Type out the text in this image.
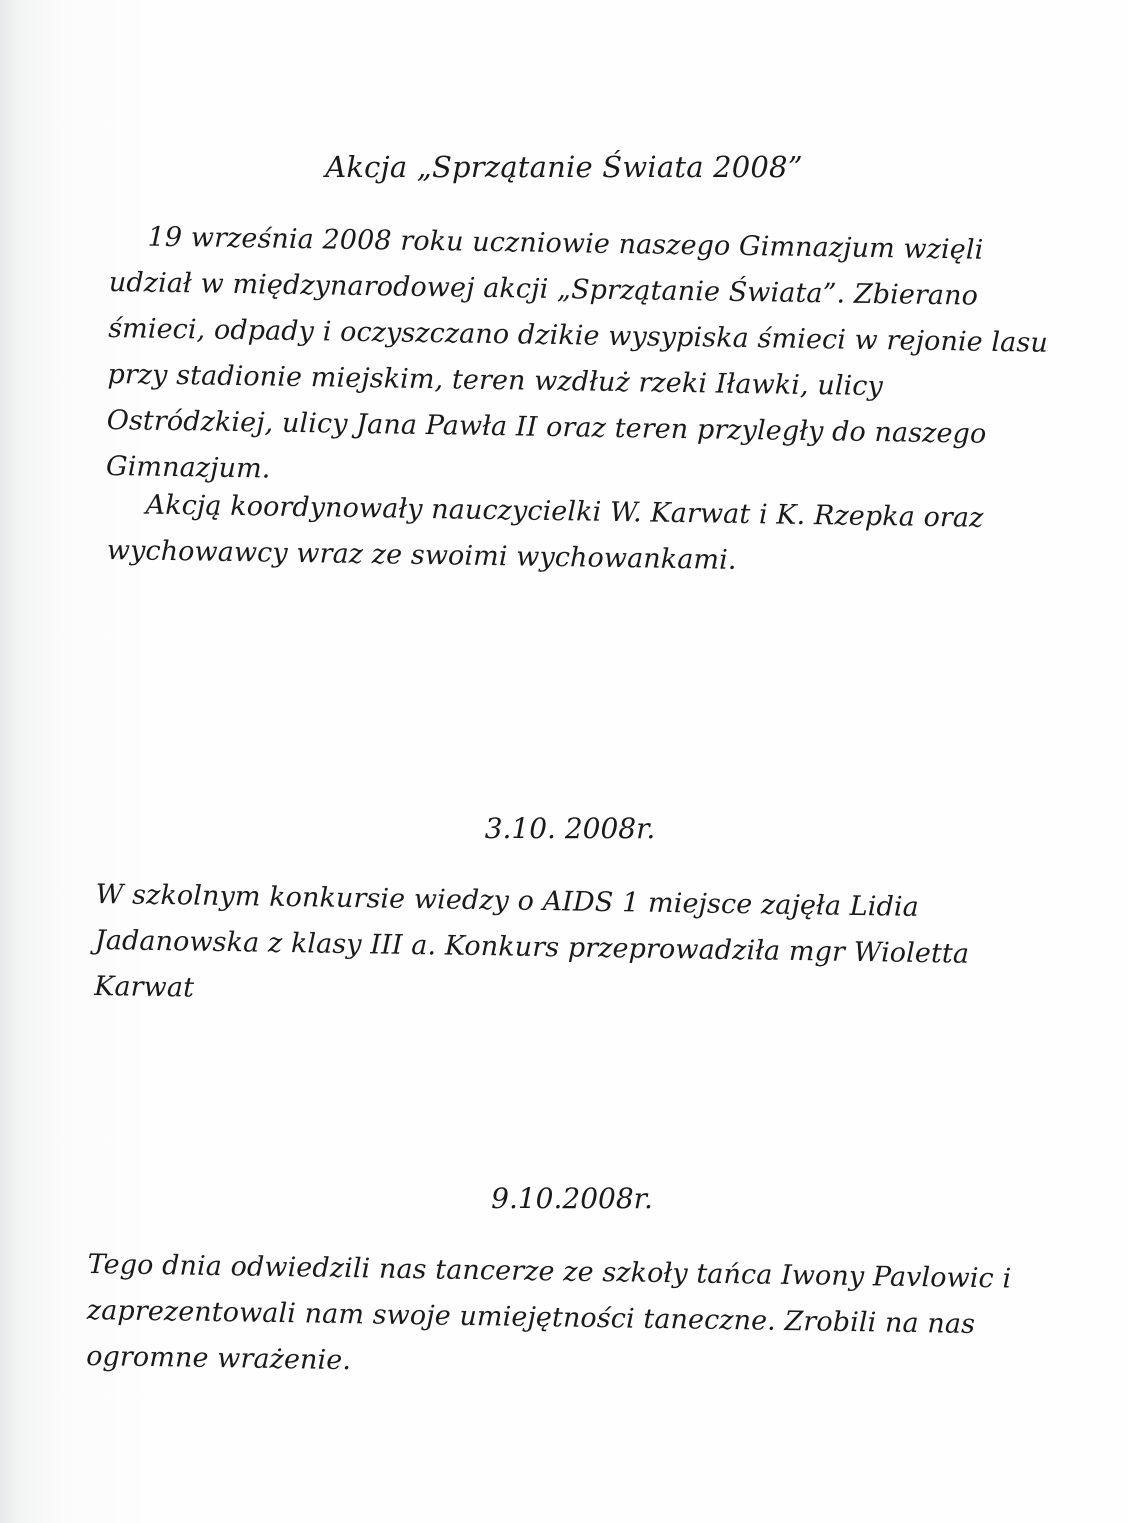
Akcja „Sprzątanie Świata 2008”

19 września 2008 roku uczniowie naszego Gimnazjum wzięli udział w międzynarodowej akcji „Sprzątanie Świata”. Zbierano śmieci, odpady i oczyszczano dzikie wysypiska śmieci w rejonie lasu przy stadionie miejskim, teren wzdłuż rzeki Iławki, ulicy Ostródzkiej, ulicy Jana Pawła II oraz teren przyległy do naszego Gimnazjum.

Akcją koordynowały nauczycielki W. Karwat i K. Rzepka oraz wychowawcy wraz ze swoimi wychowankami.

3.10. 2008r.

W szkolnym konkursie wiedzy o AIDS 1 miejsce zajęła Lidia Jadanowska z klasy III a. Konkurs przeprowadziła mgr Wioletta Karwat

9.10.2008r.

Tego dnia odwiedzili nas tancerze ze szkoły tańca Iwony Pavlowic i zaprezentowali nam swoje umiejętności taneczne. Zrobili na nas ogromne wrażenie.
